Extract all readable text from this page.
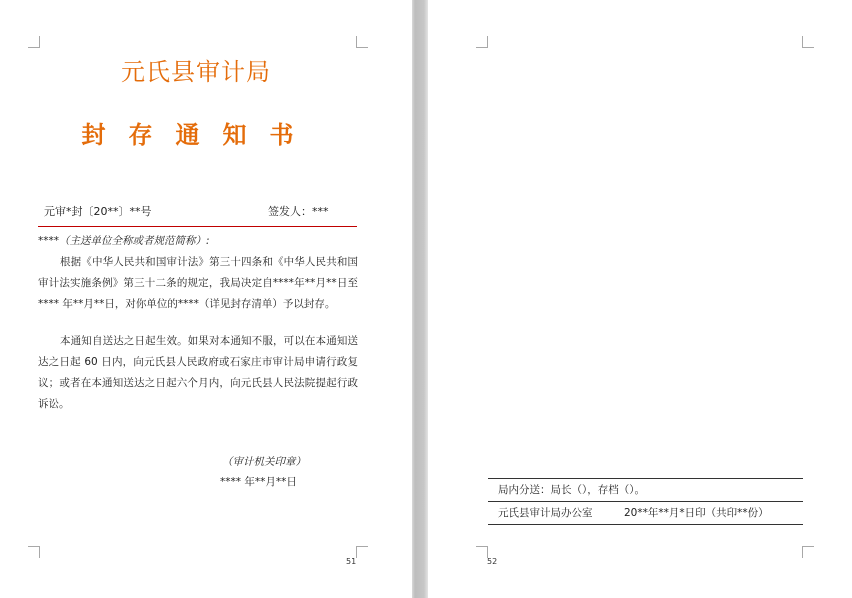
元氏县审计局
封存通知书
元审*封〔20**〕**号	签发人：***
****（主送单位全称或者规范简称）:

根据《中华人民共和国审计法》第三十四条和《中华人民共和国审计法实施条例》第三十二条的规定，我局决定自****年**月**日至**** 年**月**日，对你单位的****（详见封存清单）予以封存。

本通知自送达之日起生效。如果对本通知不服，可以在本通知送达之日起 60 日内，向元氏县人民政府或石家庄市审计局申请行政复议；或者在本通知送达之日起六个月内，向元氏县人民法院提起行政诉讼。

（审计机关印章）
**** 年**月**日
51	52
局内分送：局长（），存档（）。
元氏县审计局办公室	20**年**月*日印（共印**份）
